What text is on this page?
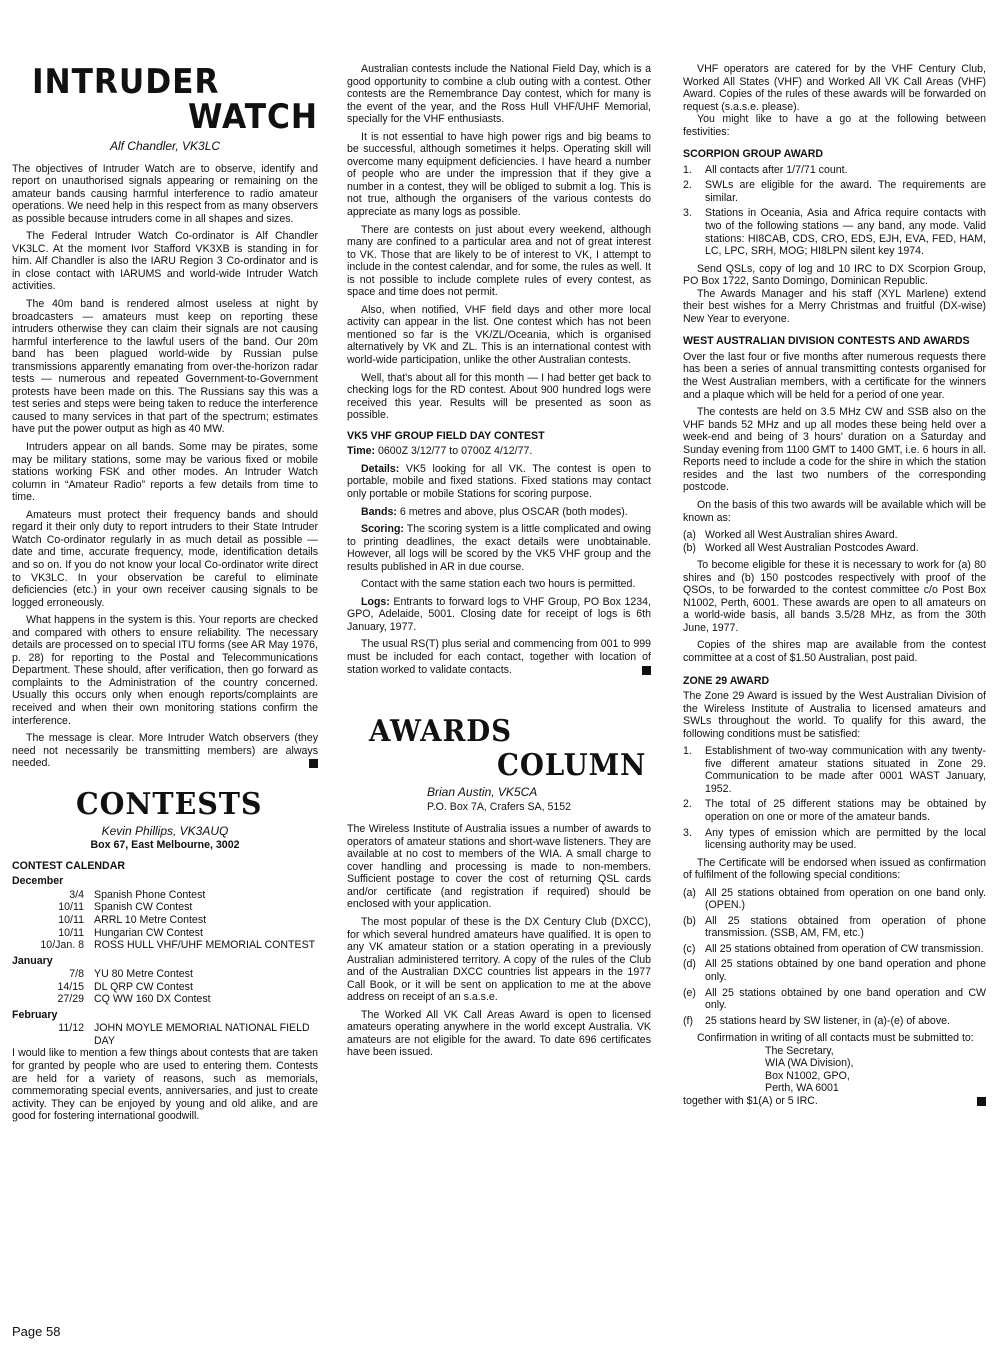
INTRUDER
WATCH
Alf Chandler, VK3LC

The objectives of Intruder Watch are to observe, identify and report on unauthorised signals appearing or remaining on the amateur bands causing harmful interference to radio amateur operations. We need help in this respect from as many observers as possible because intruders come in all shapes and sizes.

The Federal Intruder Watch Co-ordinator is Alf Chandler VK3LC. At the moment Ivor Stafford VK3XB is standing in for him. Alf Chandler is also the IARU Region 3 Co-ordinator and is in close contact with IARUMS and world-wide Intruder Watch activities.

The 40m band is rendered almost useless at night by broadcasters — amateurs must keep on reporting these intruders otherwise they can claim their signals are not causing harmful interference to the lawful users of the band. Our 20m band has been plagued world-wide by Russian pulse transmissions apparently emanating from over-the-horizon radar tests — numerous and repeated Government-to-Government protests have been made on this. The Russians say this was a test series and steps were being taken to reduce the interference caused to many services in that part of the spectrum; estimates have put the power output as high as 40 MW.

Intruders appear on all bands. Some may be pirates, some may be military stations, some may be various fixed or mobile stations working FSK and other modes. An Intruder Watch column in “Amateur Radio” reports a few details from time to time.

Amateurs must protect their frequency bands and should regard it their only duty to report intruders to their State Intruder Watch Co-ordinator regularly in as much detail as possible — date and time, accurate frequency, mode, identification details and so on. If you do not know your local Co-ordinator write direct to VK3LC. In your observation be careful to eliminate deficiencies (etc.) in your own receiver causing signals to be logged erroneously.

What happens in the system is this. Your reports are checked and compared with others to ensure reliability. The necessary details are processed on to special ITU forms (see AR May 1976, p. 28) for reporting to the Postal and Telecommunications Department. These should, after verification, then go forward as complaints to the Administration of the country concerned. Usually this occurs only when enough reports/complaints are received and when their own monitoring stations confirm the interference.

The message is clear. More Intruder Watch observers (they need not necessarily be transmitting members) are always needed.

CONTESTS
Kevin Phillips, VK3AUQ
Box 67, East Melbourne, 3002
CONTEST CALENDAR
December
3/4 Spanish Phone Contest
10/11 Spanish CW Contest
10/11 ARRL 10 Metre Contest
10/11 Hungarian CW Contest
10/Jan. 8 ROSS HULL VHF/UHF MEMORIAL CONTEST
January
7/8 YU 80 Metre Contest
14/15 DL QRP CW Contest
27/29 CQ WW 160 DX Contest
February
11/12 JOHN MOYLE MEMORIAL NATIONAL FIELD DAY

I would like to mention a few things about contests that are taken for granted by people who are used to entering them. Contests are held for a variety of reasons, such as memorials, commemorating special events, anniversaries, and just to create activity. They can be enjoyed by young and old alike, and are good for fostering international goodwill.

Australian contests include the National Field Day, which is a good opportunity to combine a club outing with a contest. Other contests are the Remembrance Day contest, which for many is the event of the year, and the Ross Hull VHF/UHF Memorial, specially for the VHF enthusiasts.

It is not essential to have high power rigs and big beams to be successful, although sometimes it helps. Operating skill will overcome many equipment deficiencies. I have heard a number of people who are under the impression that if they give a number in a contest, they will be obliged to submit a log. This is not true, although the organisers of the various contests do appreciate as many logs as possible.

There are contests on just about every weekend, although many are confined to a particular area and not of great interest to VK. Those that are likely to be of interest to VK, I attempt to include in the contest calendar, and for some, the rules as well. It is not possible to include complete rules of every contest, as space and time does not permit.

Also, when notified, VHF field days and other more local activity can appear in the list. One contest which has not been mentioned so far is the VK/ZL/Oceania, which is organised alternatively by VK and ZL. This is an international contest with world-wide participation, unlike the other Australian contests.

Well, that's about all for this month — I had better get back to checking logs for the RD contest. About 900 hundred logs were received this year. Results will be presented as soon as possible.

VK5 VHF GROUP FIELD DAY CONTEST

Time: 0600Z 3/12/77 to 0700Z 4/12/77.

Details: VK5 looking for all VK. The contest is open to portable, mobile and fixed stations. Fixed stations may contact only portable or mobile Stations for scoring purpose.

Bands: 6 metres and above, plus OSCAR (both modes).

Scoring: The scoring system is a little complicated and owing to printing deadlines, the exact details were unobtainable. However, all logs will be scored by the VK5 VHF group and the results published in AR in due course.

Contact with the same station each two hours is permitted.

Logs: Entrants to forward logs to VHF Group, PO Box 1234, GPO, Adelaide, 5001. Closing date for receipt of logs is 6th January, 1977.

The usual RS(T) plus serial and commencing from 001 to 999 must be included for each contact, together with location of station worked to validate contacts.

AWARDS
COLUMN
Brian Austin, VK5CA
P.O. Box 7A, Crafers SA, 5152

The Wireless Institute of Australia issues a number of awards to operators of amateur stations and short-wave listeners. They are available at no cost to members of the WIA. A small charge to cover handling and processing is made to non-members. Sufficient postage to cover the cost of returning QSL cards and/or certificate (and registration if required) should be enclosed with your application.

The most popular of these is the DX Century Club (DXCC), for which several hundred amateurs have qualified. It is open to any VK amateur station or a station operating in a previously Australian administered territory. A copy of the rules of the Club and of the Australian DXCC countries list appears in the 1977 Call Book, or it will be sent on application to me at the above address on receipt of an s.a.s.e.

The Worked All VK Call Areas Award is open to licensed amateurs operating anywhere in the world except Australia. VK amateurs are not eligible for the award. To date 696 certificates have been issued.

VHF operators are catered for by the VHF Century Club, Worked All States (VHF) and Worked All VK Call Areas (VHF) Award. Copies of the rules of these awards will be forwarded on request (s.a.s.e. please).

You might like to have a go at the following between festivities:

SCORPION GROUP AWARD
1.	All contacts after 1/7/71 count.
2.	SWLs are eligible for the award. The requirements are similar.
3.	Stations in Oceania, Asia and Africa require contacts with two of the following stations — any band, any mode. Valid stations: HI8CAB, CDS, CRO, EDS, EJH, EVA, FED, HAM, LC, LPC, SRH, MOG; HI8LPN silent key 1974.

Send QSLs, copy of log and 10 IRC to DX Scorpion Group, PO Box 1722, Santo Domingo, Dominican Republic.

The Awards Manager and his staff (XYL Marlene) extend their best wishes for a Merry Christmas and fruitful (DX-wise) New Year to everyone.

WEST AUSTRALIAN DIVISION CONTESTS AND AWARDS

Over the last four or five months after numerous requests there has been a series of annual transmitting contests organised for the West Australian members, with a certificate for the winners and a plaque which will be held for a period of one year.

The contests are held on 3.5 MHz CW and SSB also on the VHF bands 52 MHz and up all modes these being held over a week-end and being of 3 hours' duration on a Saturday and Sunday evening from 1100 GMT to 1400 GMT, i.e. 6 hours in all. Reports need to include a code for the shire in which the station resides and the last two numbers of the corresponding postcode.

On the basis of this two awards will be available which will be known as:

(a) Worked all West Australian shires Award.
(b) Worked all West Australian Postcodes Award.

To become eligible for these it is necessary to work for (a) 80 shires and (b) 150 postcodes respectively with proof of the QSOs, to be forwarded to the contest committee c/o Post Box N1002, Perth, 6001. These awards are open to all amateurs on a world-wide basis, all bands 3.5/28 MHz, as from the 30th June, 1977.

Copies of the shires map are available from the contest committee at a cost of $1.50 Australian, post paid.

ZONE 29 AWARD

The Zone 29 Award is issued by the West Australian Division of the Wireless Institute of Australia to licensed amateurs and SWLs throughout the world. To qualify for this award, the following conditions must be satisfied:

1.	Establishment of two-way communication with any twenty-five different amateur stations situated in Zone 29. Communication to be made after 0001 WAST January, 1952.
2.	The total of 25 different stations may be obtained by operation on one or more of the amateur bands.
3.	Any types of emission which are permitted by the local licensing authority may be used.

The Certificate will be endorsed when issued as confirmation of fulfilment of the following special conditions:

(a) All 25 stations obtained from operation on one band only. (OPEN.)
(b) All 25 stations obtained from operation of phone transmission. (SSB, AM, FM, etc.)
(c) All 25 stations obtained from operation of CW transmission.
(d) All 25 stations obtained by one band operation and phone only.
(e) All 25 stations obtained by one band operation and CW only.
(f)	25 stations heard by SW listener, in (a)-(e) of above.

Confirmation in writing of all contacts must be submitted to:

The Secretary,
WIA (WA Division),
Box N1002, GPO,
Perth, WA 6001

together with $1(A) or 5 IRC.

Page 58
